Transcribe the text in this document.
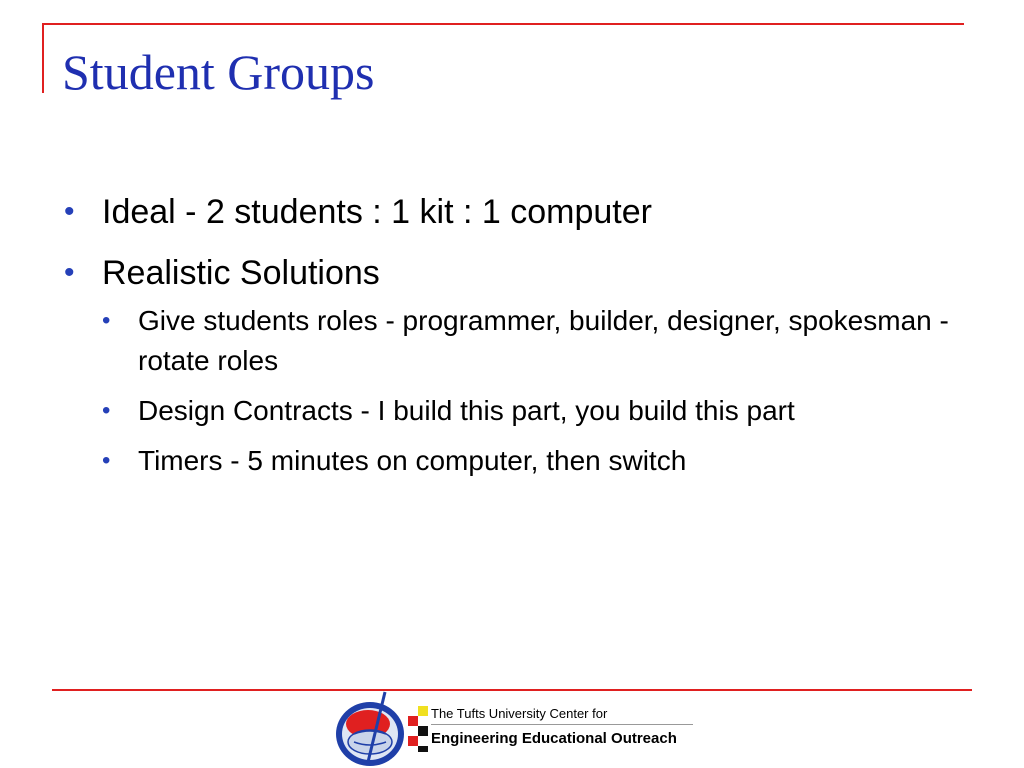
Student Groups
• Ideal - 2 students : 1 kit : 1 computer
• Realistic Solutions
• Give students roles - programmer, builder, designer, spokesman - rotate roles
• Design Contracts - I build this part, you build this part
• Timers - 5 minutes on computer, then switch
The Tufts University Center for
Engineering Educational Outreach
